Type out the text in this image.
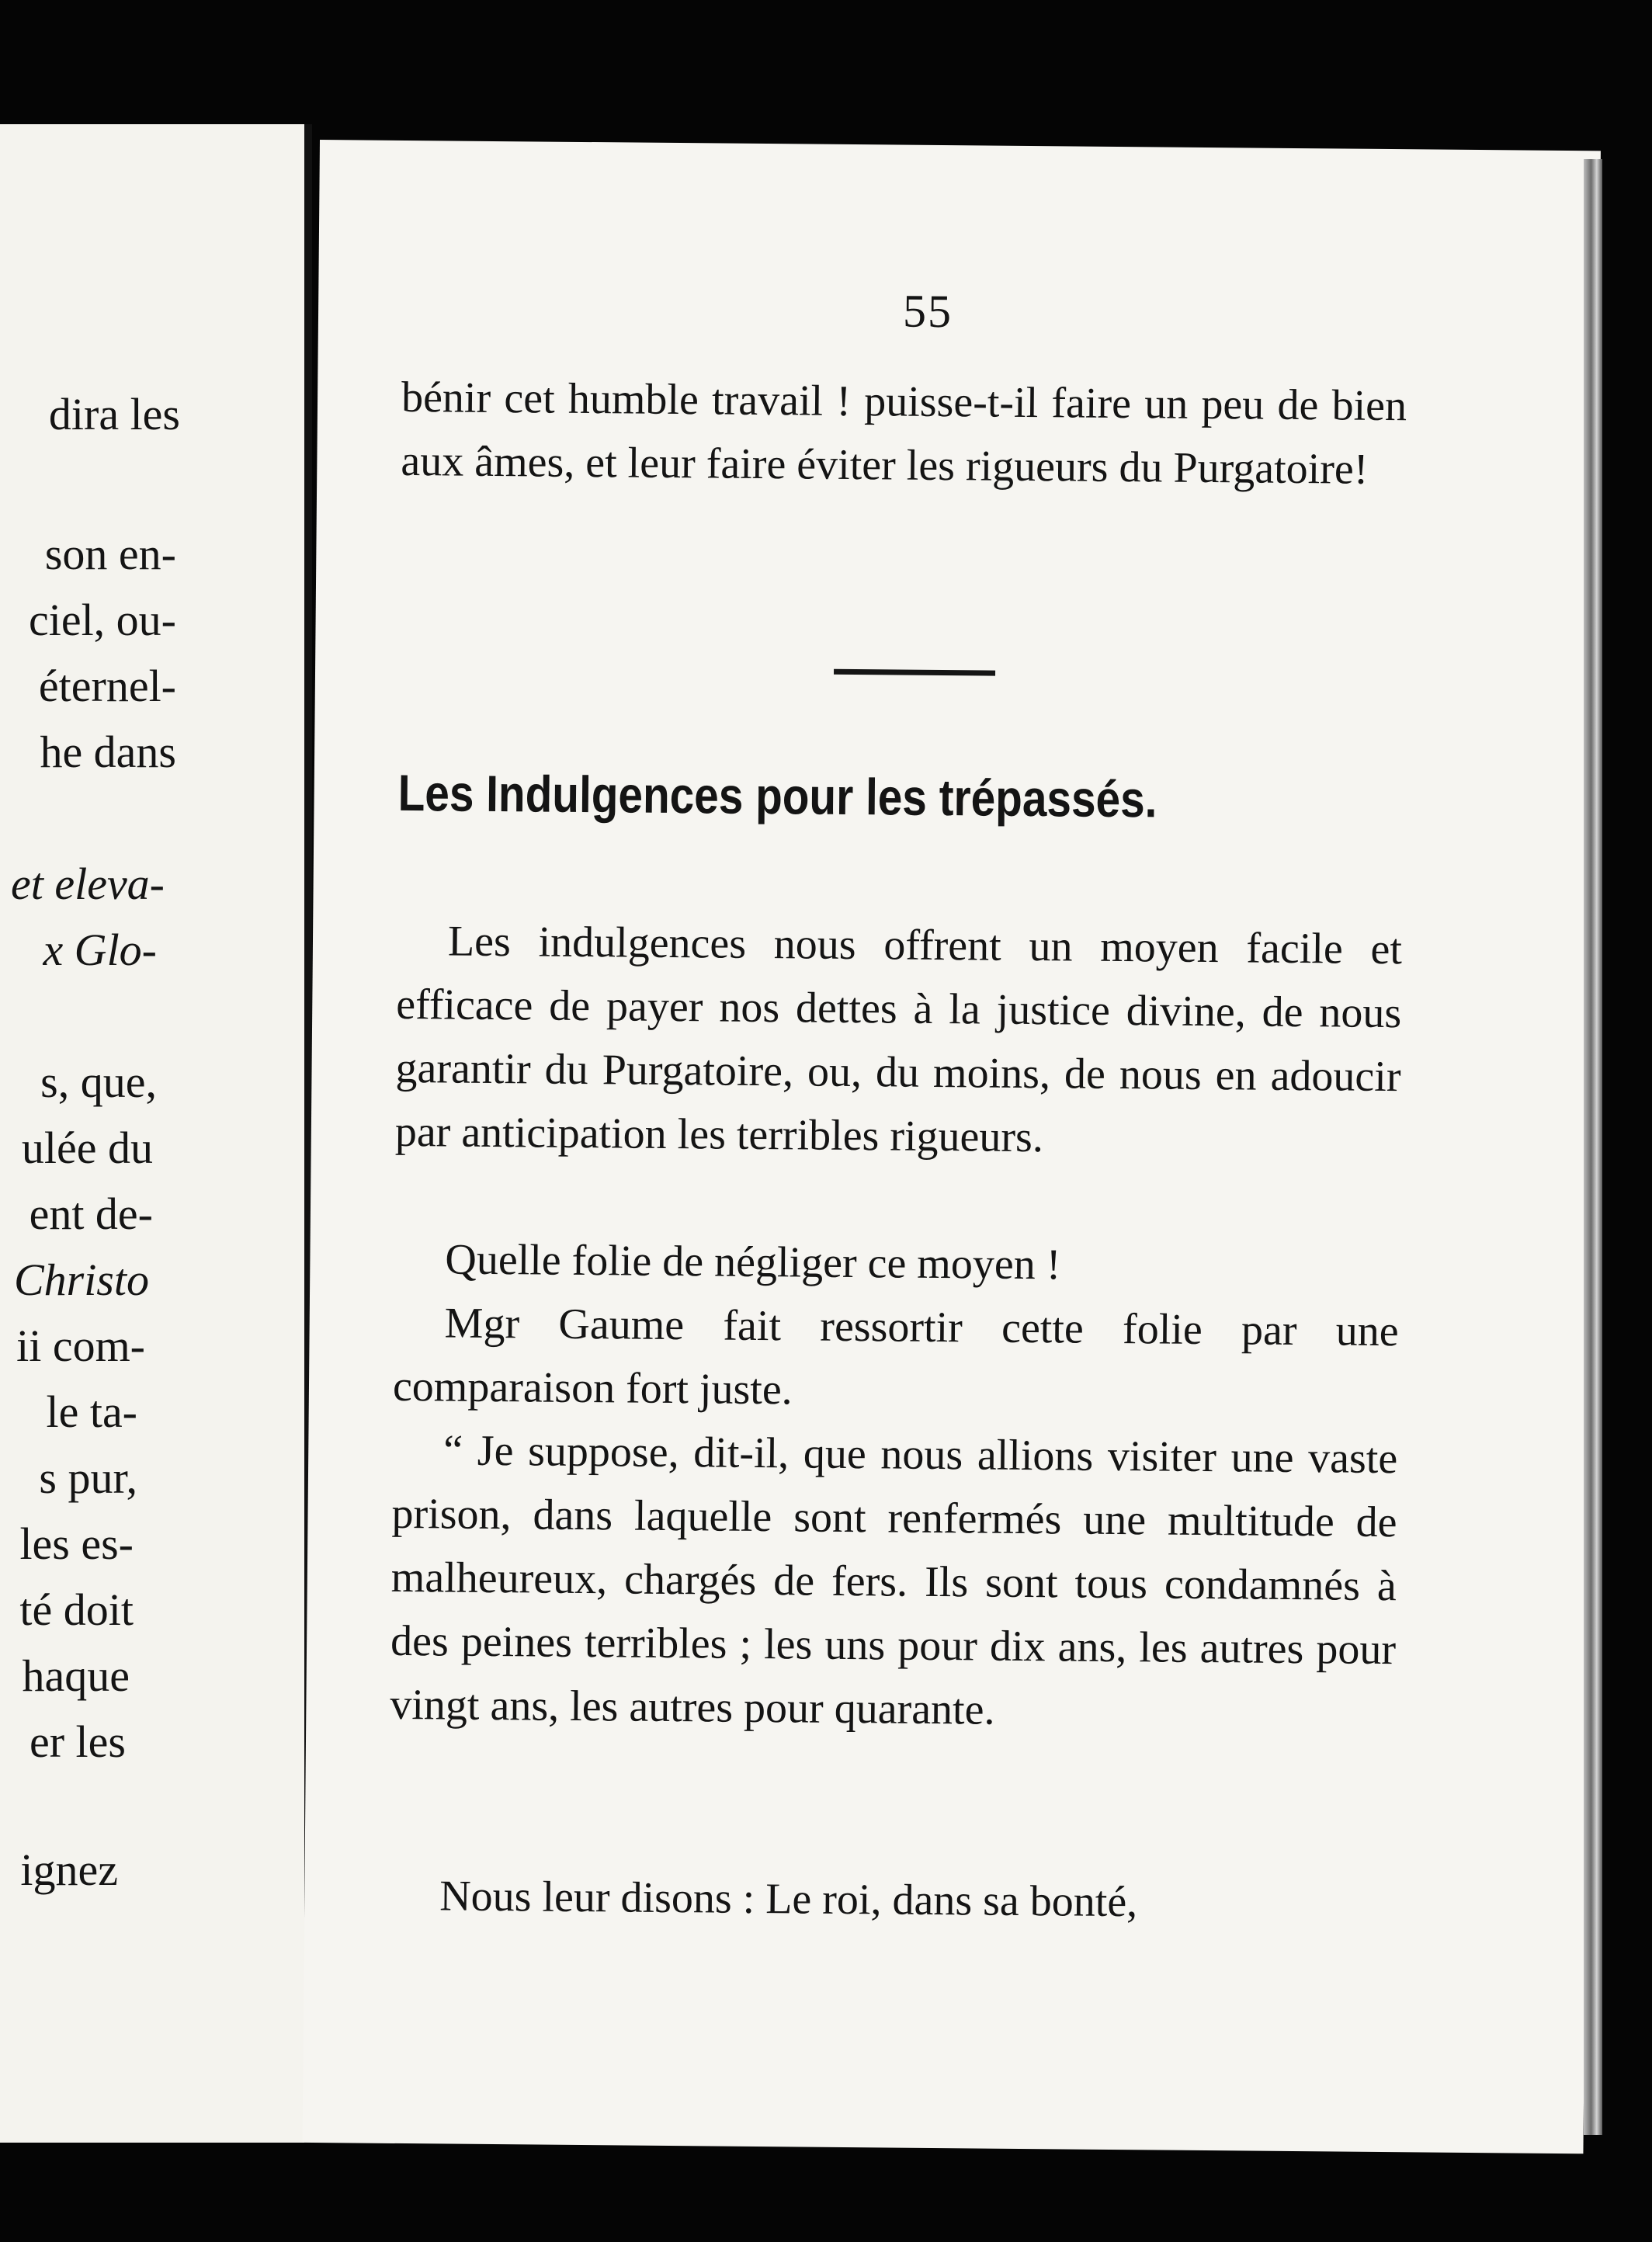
dira les
son en-
ciel, ou-
éternel-
he dans
et eleva-
x Glo-
s, que,
ulée du
ent de-
Christo
ii com-
le ta-
s pur,
les es-
té doit
haque
er les
ignez
55
bénir cet humble travail ! puisse-t-il faire un peu de bien aux âmes, et leur faire éviter les rigueurs du Purgatoire!
Les Indulgences pour les trépassés.
Les indulgences nous offrent un moyen facile et efficace de payer nos dettes à la justice divine, de nous garantir du Purgatoire, ou, du moins, de nous en adoucir par anticipation les terribles rigueurs.
Quelle folie de négliger ce moyen !
Mgr Gaume fait ressortir cette folie par une comparaison fort juste.
“ Je suppose, dit-il, que nous allions visiter une vaste prison, dans laquelle sont renfermés une multitude de malheureux, chargés de fers. Ils sont tous condamnés à des peines terribles ; les uns pour dix ans, les autres pour vingt ans, les autres pour quarante.
Nous leur disons : Le roi, dans sa bonté,
